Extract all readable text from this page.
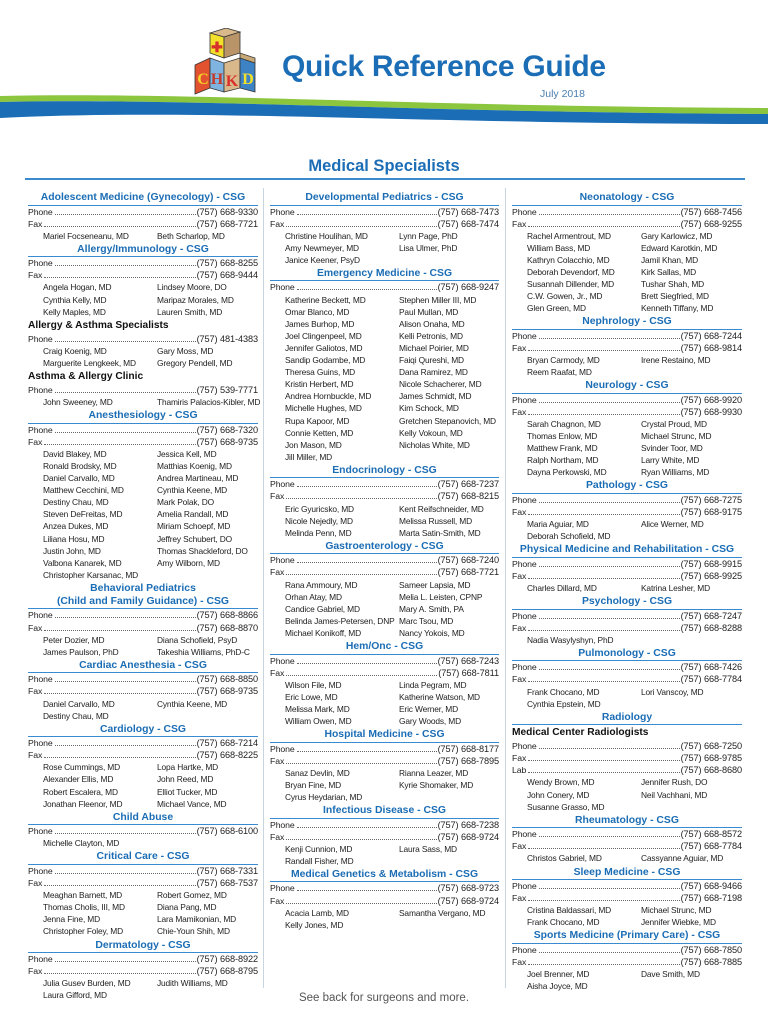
✚
C H K D Quick Reference Guide
July 2018
Medical Specialists
Adolescent Medicine (Gynecology) - CSG
Phone	(757) 668-9330
Fax	(757) 668-7721
Mariel Focseneanu, MD	Beth Scharlop, MD
Allergy/Immunology - CSG
Phone	(757) 668-8255
Fax	(757) 668-9444
Angela Hogan, MD	Lindsey Moore, DO
Cynthia Kelly, MD	Maripaz Morales, MD
Kelly Maples, MD	Lauren Smith, MD
Allergy & Asthma Specialists
Phone	(757) 481-4383
Craig Koenig, MD	Gary Moss, MD
Marguerite Lengkeek, MD	Gregory Pendell, MD
Asthma & Allergy Clinic
Phone	(757) 539-7771
John Sweeney, MD	Thamiris Palacios-Kibler, MD
Anesthesiology - CSG
Phone	(757) 668-7320
Fax	(757) 668-9735
David Blakey, MD	Jessica Kell, MD
Ronald Brodsky, MD	Matthias Koenig, MD
Daniel Carvallo, MD	Andrea Martineau, MD
Matthew Cecchini, MD	Cynthia Keene, MD
Destiny Chau, MD	Mark Polak, DO
Steven DeFreitas, MD	Amelia Randall, MD
Anzea Dukes, MD	Miriam Schoepf, MD
Liliana Hosu, MD	Jeffrey Schubert, DO
Justin John, MD	Thomas Shackleford, DO
Valbona Kanarek, MD	Amy Wilborn, MD
Christopher Karsanac, MD
Behavioral Pediatrics
(Child and Family Guidance) - CSG
Phone	(757) 668-8866
Fax	(757) 668-8870
Peter Dozier, MD	Diana Schofield, PsyD
James Paulson, PhD	Takeshia Williams, PhD-C
Cardiac Anesthesia - CSG
Phone	(757) 668-8850
Fax	(757) 668-9735
Daniel Carvallo, MD	Cynthia Keene, MD
Destiny Chau, MD
Cardiology - CSG
Phone	(757) 668-7214
Fax	(757) 668-8225
Rose Cummings, MD	Lopa Hartke, MD
Alexander Ellis, MD	John Reed, MD
Robert Escalera, MD	Elliot Tucker, MD
Jonathan Fleenor, MD	Michael Vance, MD
Child Abuse
Phone	(757) 668-6100
Michelle Clayton, MD
Critical Care - CSG
Phone	(757) 668-7331
Fax	(757) 668-7537
Meaghan Barnett, MD	Robert Gomez, MD
Thomas Cholis, III, MD	Diana Pang, MD
Jenna Fine, MD	Lara Mamikonian, MD
Christopher Foley, MD	Chie-Youn Shih, MD
Dermatology - CSG
Phone	(757) 668-8922
Fax	(757) 668-8795
Julia Gusev Burden, MD	Judith Williams, MD
Laura Gifford, MD
Developmental Pediatrics - CSG
Phone	(757) 668-7473
Fax	(757) 668-7474
Christine Houlihan, MD	Lynn Page, PhD
Amy Newmeyer, MD	Lisa Ulmer, PhD
Janice Keener, PsyD
Emergency Medicine - CSG
Phone	(757) 668-9247
Katherine Beckett, MD	Stephen Miller III, MD
Omar Blanco, MD	Paul Mullan, MD
James Burhop, MD	Alison Onaha, MD
Joel Clingenpeel, MD	Kelli Petronis, MD
Jennifer Galiotos, MD	Michael Poirier, MD
Sandip Godambe, MD	Faiqi Qureshi, MD
Theresa Guins, MD	Dana Ramirez, MD
Kristin Herbert, MD	Nicole Schacherer, MD
Andrea Hornbuckle, MD	James Schmidt, MD
Michelle Hughes, MD	Kim Schock, MD
Rupa Kapoor, MD	Gretchen Stepanovich, MD
Connie Ketten, MD	Kelly Vokoun, MD
Jon Mason, MD	Nicholas White, MD
Jill Miller, MD
Endocrinology - CSG
Phone	(757) 668-7237
Fax	(757) 668-8215
Eric Gyuricsko, MD	Kent Reifschneider, MD
Nicole Nejedly, MD	Melissa Russell, MD
Melinda Penn, MD	Marta Satin-Smith, MD
Gastroenterology - CSG
Phone	(757) 668-7240
Fax	(757) 668-7721
Rana Ammoury, MD	Sameer Lapsia, MD
Orhan Atay, MD	Melia L. Leisten, CPNP
Candice Gabriel, MD	Mary A. Smith, PA
Belinda James-Petersen, DNP Marc Tsou, MD
Michael Konikoff, MD	Nancy Yokois, MD
Hem/Onc - CSG
Phone	(757) 668-7243
Fax	(757) 668-7811
Wilson File, MD	Linda Pegram, MD
Eric Lowe, MD	Katherine Watson, MD
Melissa Mark, MD	Eric Werner, MD
William Owen, MD	Gary Woods, MD
Hospital Medicine - CSG
Phone	(757) 668-8177
Fax	(757) 668-7895
Sanaz Devlin, MD	Rianna Leazer, MD
Bryan Fine, MD	Kyrie Shomaker, MD
Cyrus Heydarian, MD
Infectious Disease - CSG
Phone	(757) 668-7238
Fax	(757) 668-9724
Kenji Cunnion, MD	Laura Sass, MD
Randall Fisher, MD
Medical Genetics & Metabolism - CSG
Phone	(757) 668-9723
Fax	(757) 668-9724
Acacia Lamb, MD	Samantha Vergano, MD
Kelly Jones, MD
Neonatology - CSG
Phone	(757) 668-7456
Fax	(757) 668-9255
Rachel Armentrout, MD	Gary Karlowicz, MD
William Bass, MD	Edward Karotkin, MD
Kathryn Colacchio, MD	Jamil Khan, MD
Deborah Devendorf, MD	Kirk Sallas, MD
Susannah Dillender, MD	Tushar Shah, MD
C.W. Gowen, Jr., MD	Brett Siegfried, MD
Glen Green, MD	Kenneth Tiffany, MD
Nephrology - CSG
Phone	(757) 668-7244
Fax	(757) 668-9814
Bryan Carmody, MD	Irene Restaino, MD
Reem Raafat, MD
Neurology - CSG
Phone	(757) 668-9920
Fax	(757) 668-9930
Sarah Chagnon, MD	Crystal Proud, MD
Thomas Enlow, MD	Michael Strunc, MD
Matthew Frank, MD	Svinder Toor, MD
Ralph Northam, MD	Larry White, MD
Dayna Perkowski, MD	Ryan Williams, MD
Pathology - CSG
Phone	(757) 668-7275
Fax	(757) 668-9175
Maria Aguiar, MD	Alice Werner, MD
Deborah Schofield, MD
Physical Medicine and Rehabilitation - CSG
Phone	(757) 668-9915
Fax	(757) 668-9925
Charles Dillard, MD	Katrina Lesher, MD
Psychology - CSG
Phone	(757) 668-7247
Fax	(757) 668-8288
Nadia Wasylyshyn, PhD
Pulmonology - CSG
Phone	(757) 668-7426
Fax	(757) 668-7784
Frank Chocano, MD	Lori Vanscoy, MD
Cynthia Epstein, MD
Radiology
Medical Center Radiologists
Phone	(757) 668-7250
Fax	(757) 668-9785
Lab	(757) 668-8680
Wendy Brown, MD	Jennifer Rush, DO
John Conery, MD	Neil Vachhani, MD
Susanne Grasso, MD
Rheumatology - CSG
Phone	(757) 668-8572
Fax	(757) 668-7784
Christos Gabriel, MD	Cassyanne Aguiar, MD
Sleep Medicine - CSG
Phone	(757) 668-9466
Fax	(757) 668-7198
Cristina Baldassari, MD	Michael Strunc, MD
Frank Chocano, MD	Jennifer Wiebke, MD
Sports Medicine (Primary Care) - CSG
Phone	(757) 668-7850
Fax	(757) 668-7885
Joel Brenner, MD	Dave Smith, MD
Aisha Joyce, MD
See back for surgeons and more.
